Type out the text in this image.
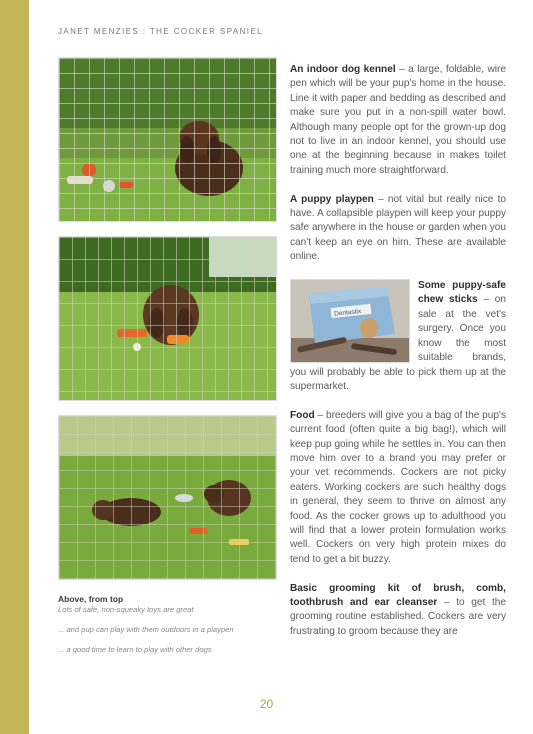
JANET MENZIES : THE COCKER SPANIEL
Above, from top
Lots of safe, non-squeaky toys are great
... and pup can play with them outdoors in a playpen
... a good time to learn to play with other dogs

An indoor dog kennel – a large, foldable, wire pen which will be your pup's home in the house. Line it with paper and bedding as described and make sure you put in a non-spill water bowl. Although many people opt for the grown-up dog not to live in an indoor kennel, you should use one at the beginning because in makes toilet training much more straightforward.

A puppy playpen – not vital but really nice to have. A collapsible playpen will keep your puppy safe anywhere in the house or garden when you can't keep an eye on him. These are available online.

Dentastix

Some puppy-safe chew sticks – on sale at the vet's surgery. Once you know the most suitable brands, you will probably be able to pick them up at the supermarket.

Food – breeders will give you a bag of the pup's current food (often quite a big bag!), which will keep pup going while he settles in. You can then move him over to a brand you may prefer or your vet recommends. Cockers are not picky eaters. Working cockers are such healthy dogs in general, they seem to thrive on almost any food. As the cocker grows up to adulthood you will find that a lower protein formulation works well. Cockers on very high protein mixes do tend to get a bit buzzy.

Basic grooming kit of brush, comb, toothbrush and ear cleanser – to get the grooming routine established. Cockers are very frustrating to groom because they are

20
